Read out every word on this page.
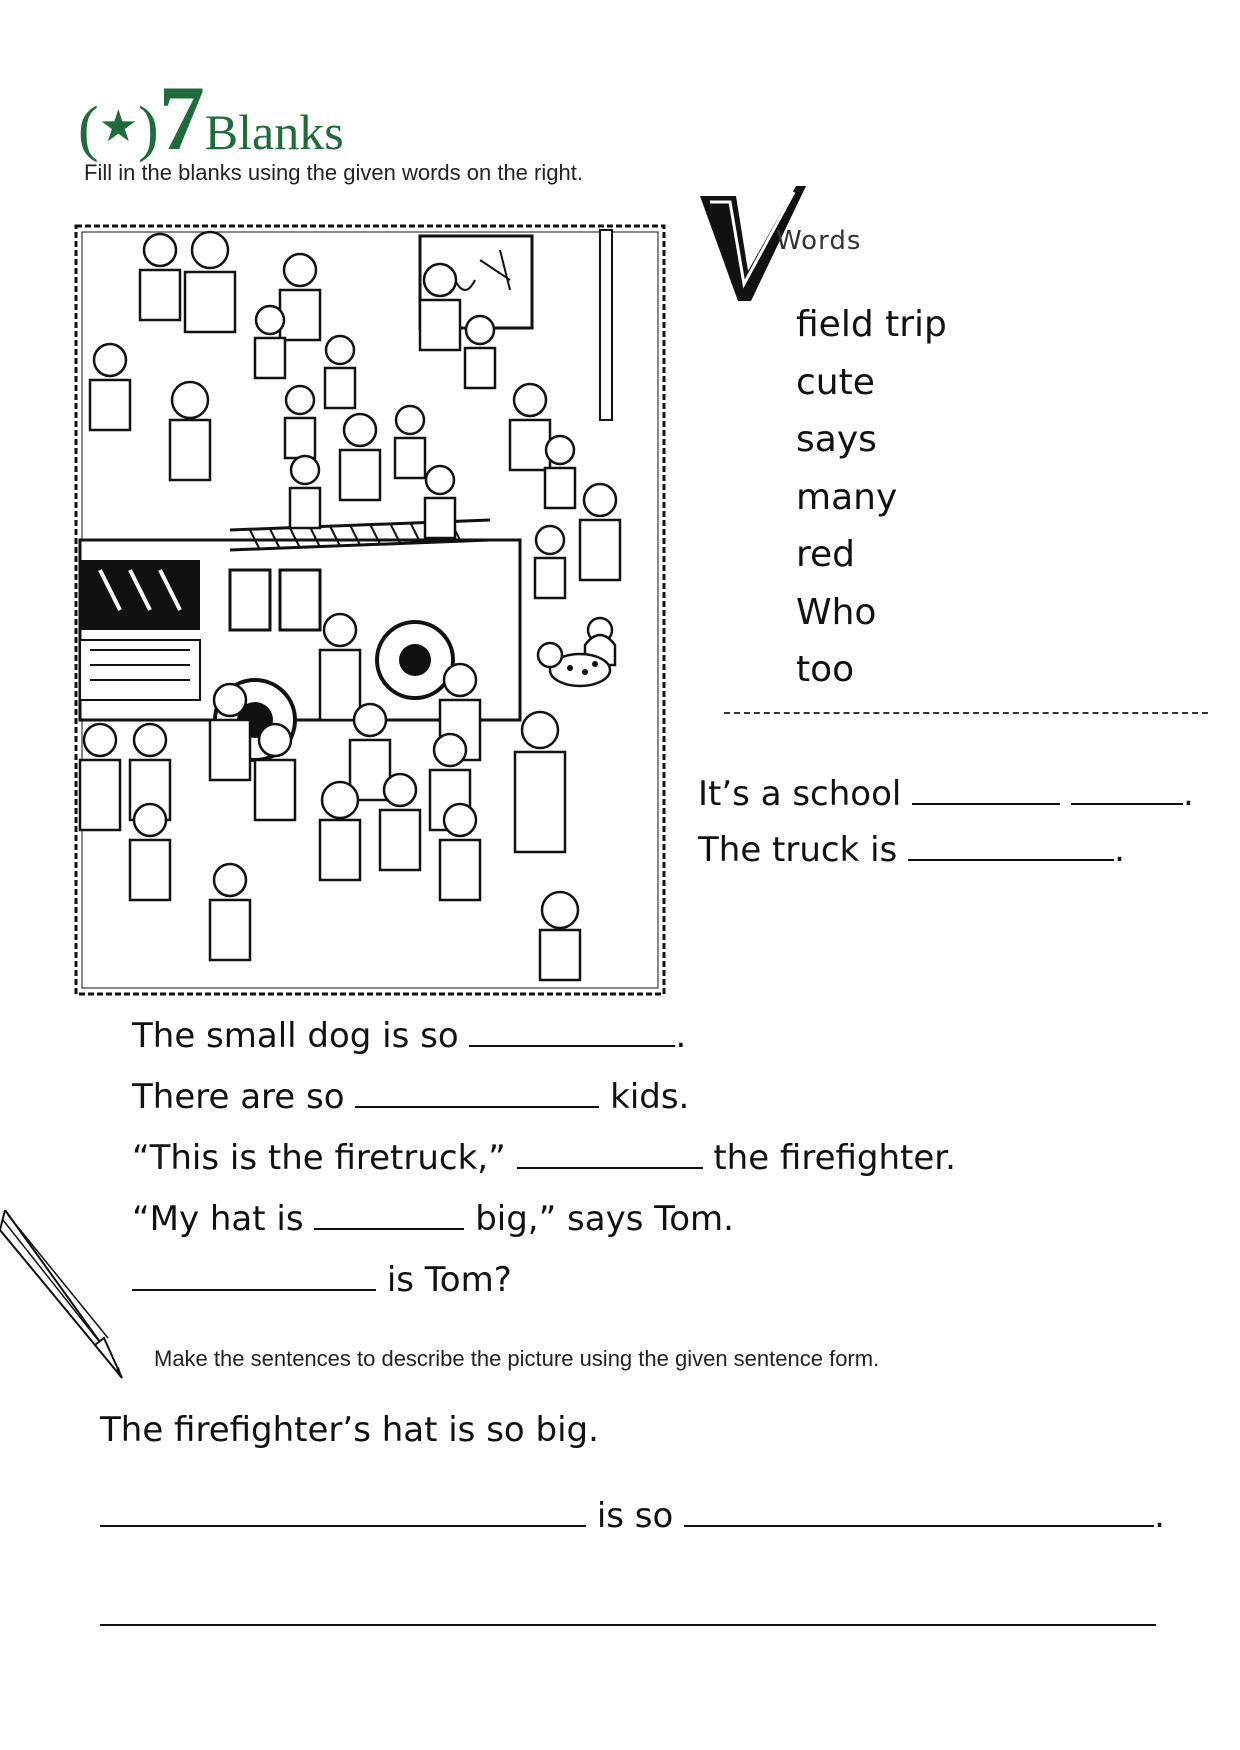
(★)7Blanks
Fill in the blanks using the given words on the right.
Words
field trip
cute
says
many
red
Who
too
It’s a school	.
The truck is	.
The small dog is so	.
There are so	kids.
“This is the firetruck,”	the firefighter.
“My hat is	big,” says Tom.
is Tom?
Make the sentences to describe the picture using the given sentence form.
The firefighter’s hat is so big.
is so	.
